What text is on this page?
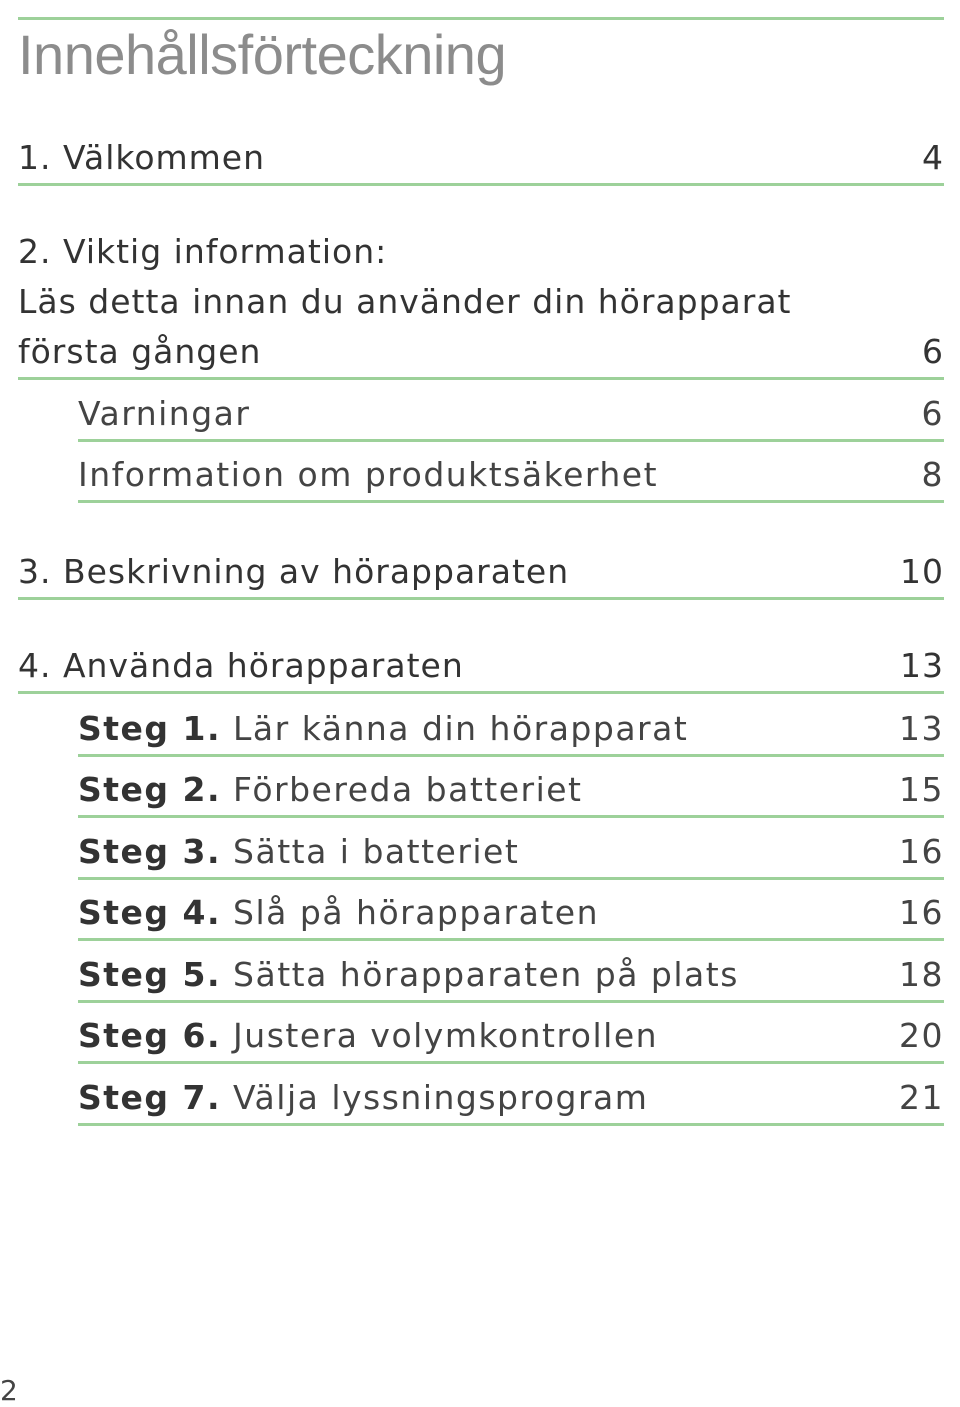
Innehållsförteckning
1. Välkommen	4
2. Viktig information:
Läs detta innan du använder din hörapparat
första gången	6
Varningar	6
Information om produktsäkerhet	8
3. Beskrivning av hörapparaten	10
4. Använda hörapparaten	13
Steg 1. Lär känna din hörapparat	13
Steg 2. Förbereda batteriet	15
Steg 3. Sätta i batteriet	16
Steg 4. Slå på hörapparaten	16
Steg 5. Sätta hörapparaten på plats	18
Steg 6. Justera volymkontrollen	20
Steg 7. Välja lyssningsprogram	21
2
